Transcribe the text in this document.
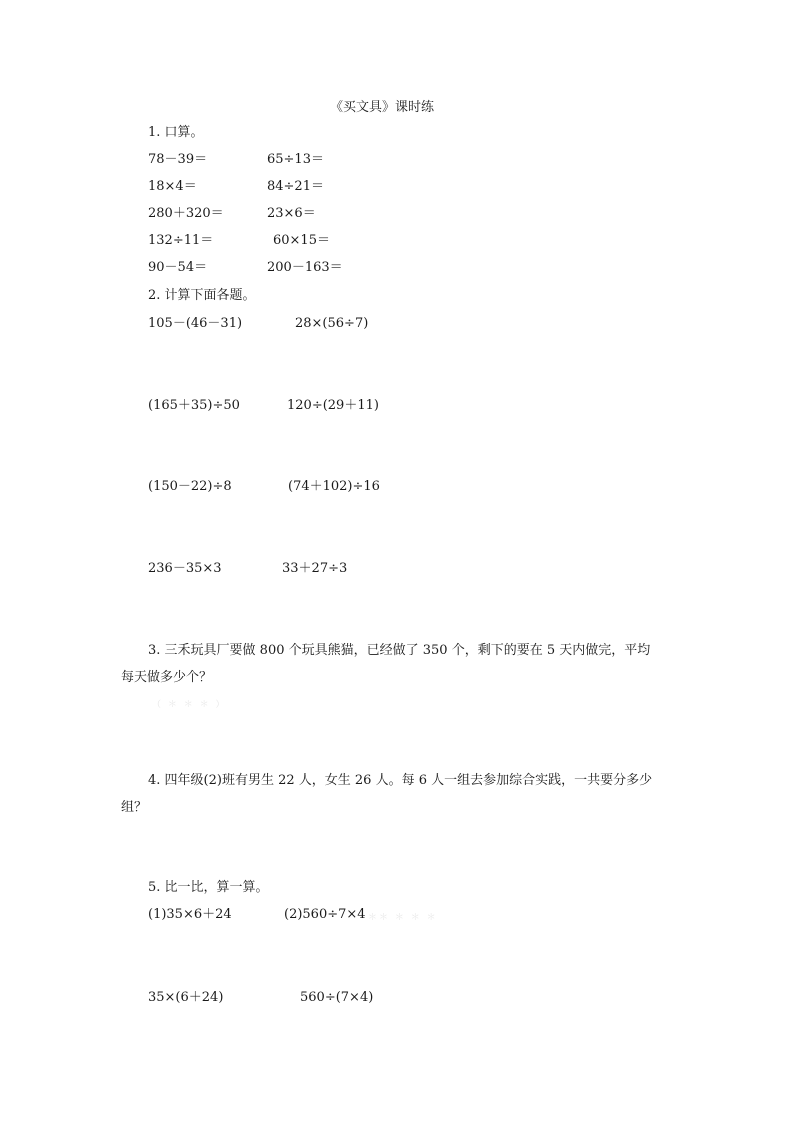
《买文具》课时练
1. 口算。
78－39＝	65÷13＝
18×4＝	84÷21＝
280＋320＝	23×6＝
132÷11＝	60×15＝
90－54＝	200－163＝
2. 计算下面各题。
105－(46－31)	28×(56÷7)
(165＋35)÷50	120÷(29＋11)
(150－22)÷8	(74＋102)÷16
236－35×3	33＋27÷3
3. 三禾玩具厂要做 800 个玩具熊猫，已经做了 350 个，剩下的要在 5 天内做完，平均
每天做多少个？
（ ＊ ＊ ＊ ）
4. 四年级(2)班有男生 22 人，女生 26 人。每 6 人一组去参加综合实践，一共要分多少
组？
5. 比一比，算一算。
(1)35×6＋24	(2)560÷7×4 ＊＊ ＊ ＊ ＊
35×(6＋24)	560÷(7×4)
